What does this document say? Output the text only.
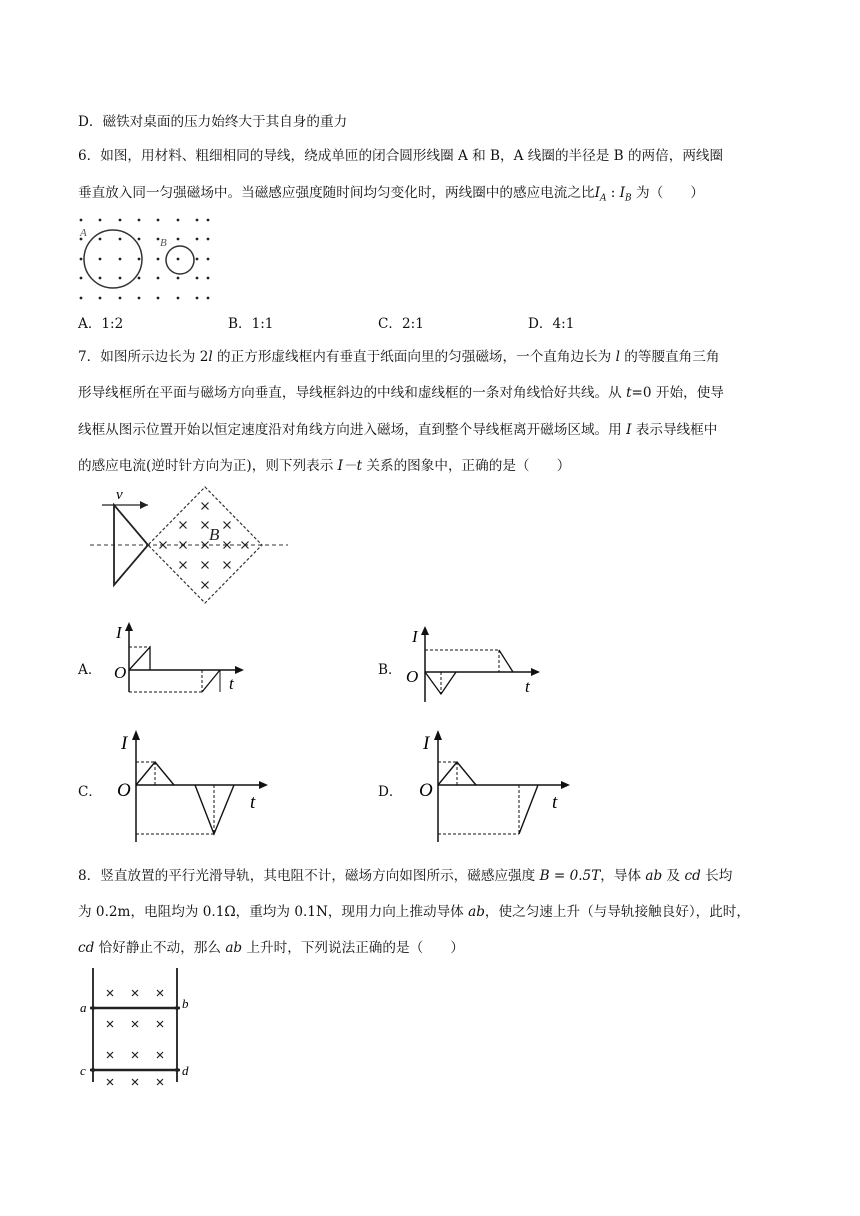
D．磁铁对桌面的压力始终大于其自身的重力
6．如图，用材料、粗细相同的导线，绕成单匝的闭合圆形线圈 A 和 B，A 线圈的半径是 B 的两倍，两线圈
垂直放入同一匀强磁场中。当磁感应强度随时间均匀变化时，两线圈中的感应电流之比$I_A$ : $I_B$ 为（　　）
A
B
A．1:2	B．1:1	C．2:1	D．4:1
7．如图所示边长为 2l 的正方形虚线框内有垂直于纸面向里的匀强磁场，一个直角边长为 l 的等腰直角三角
形导线框所在平面与磁场方向垂直，导线框斜边的中线和虚线框的一条对角线恰好共线。从 t=0 开始，使导
线框从图示位置开始以恒定速度沿对角线方向进入磁场，直到整个导线框离开磁场区域。用 I 表示导线框中
的感应电流(逆时针方向为正)，则下列表示 I－t 关系的图象中，正确的是（　　）
v
B
A．
I
O
t
B．
I
O
t
C．
I
O
t	D．
I
O
t
8．竖直放置的平行光滑导轨，其电阻不计，磁场方向如图所示，磁感应强度 B = 0.5T，导体 ab 及 cd 长均
为 0.2m，电阻均为 0.1Ω，重均为 0.1N，现用力向上推动导体 ab，使之匀速上升（与导轨接触良好），此时，
cd 恰好静止不动，那么 ab 上升时，下列说法正确的是（　　）
a	b
c	d
